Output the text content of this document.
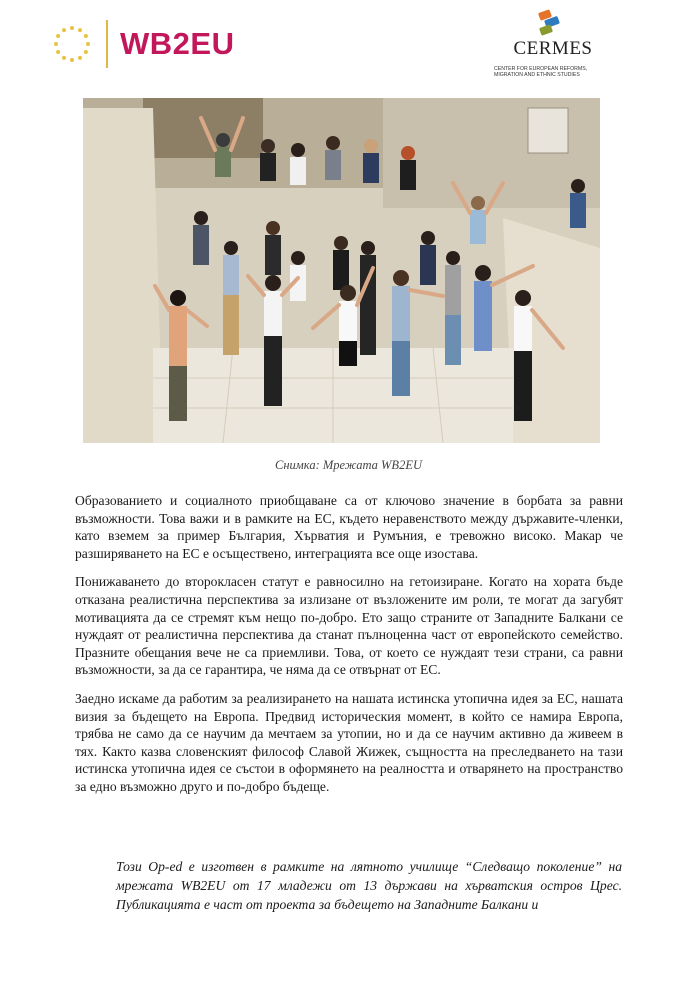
WB2EU	CERMES
CENTER FOR EUROPEAN REFORMS, MIGRATION AND ETHNIC STUDIES
Снимка: Мрежата WB2EU

Образованието и социалното приобщаване са от ключово значение в борбата за равни възможности. Това важи и в рамките на ЕС, където неравенството между държавите-членки, като вземем за пример България, Хърватия и Румъния, е тревожно високо. Макар че разширяването на ЕС е осъществено, интеграцията все още изостава.

Понижаването до второкласен статут е равносилно на гетоизиране. Когато на хората бъде отказана реалистична перспектива за излизане от възложените им роли, те могат да загубят мотивацията да се стремят към нещо по-добро. Ето защо страните от Западните Балкани се нуждаят от реалистична перспектива да станат пълноценна част от европейското семейство. Празните обещания вече не са приемливи. Това, от което се нуждаят тези страни, са равни възможности, за да се гарантира, че няма да се отвърнат от ЕС.

Заедно искаме да работим за реализирането на нашата истинска утопична идея за ЕС, нашата визия за бъдещето на Европа. Предвид историческия момент, в който се намира Европа, трябва не само да се научим да мечтаем за утопии, но и да се научим активно да живеем в тях. Както казва словенският философ Славой Жижек, същността на преследването на тази истинска утопична идея се състои в оформянето на реалността и отварянето на пространство за едно възможно друго и по-добро бъдеще.

Този Op-ed е изготвен в рамките на лятното училище “Следващо поколение” на мрежата WB2EU от 17 младежи от 13 държави на хърватския остров Црес. Публикацията е част от проекта за бъдещето на Западните Балкани и
